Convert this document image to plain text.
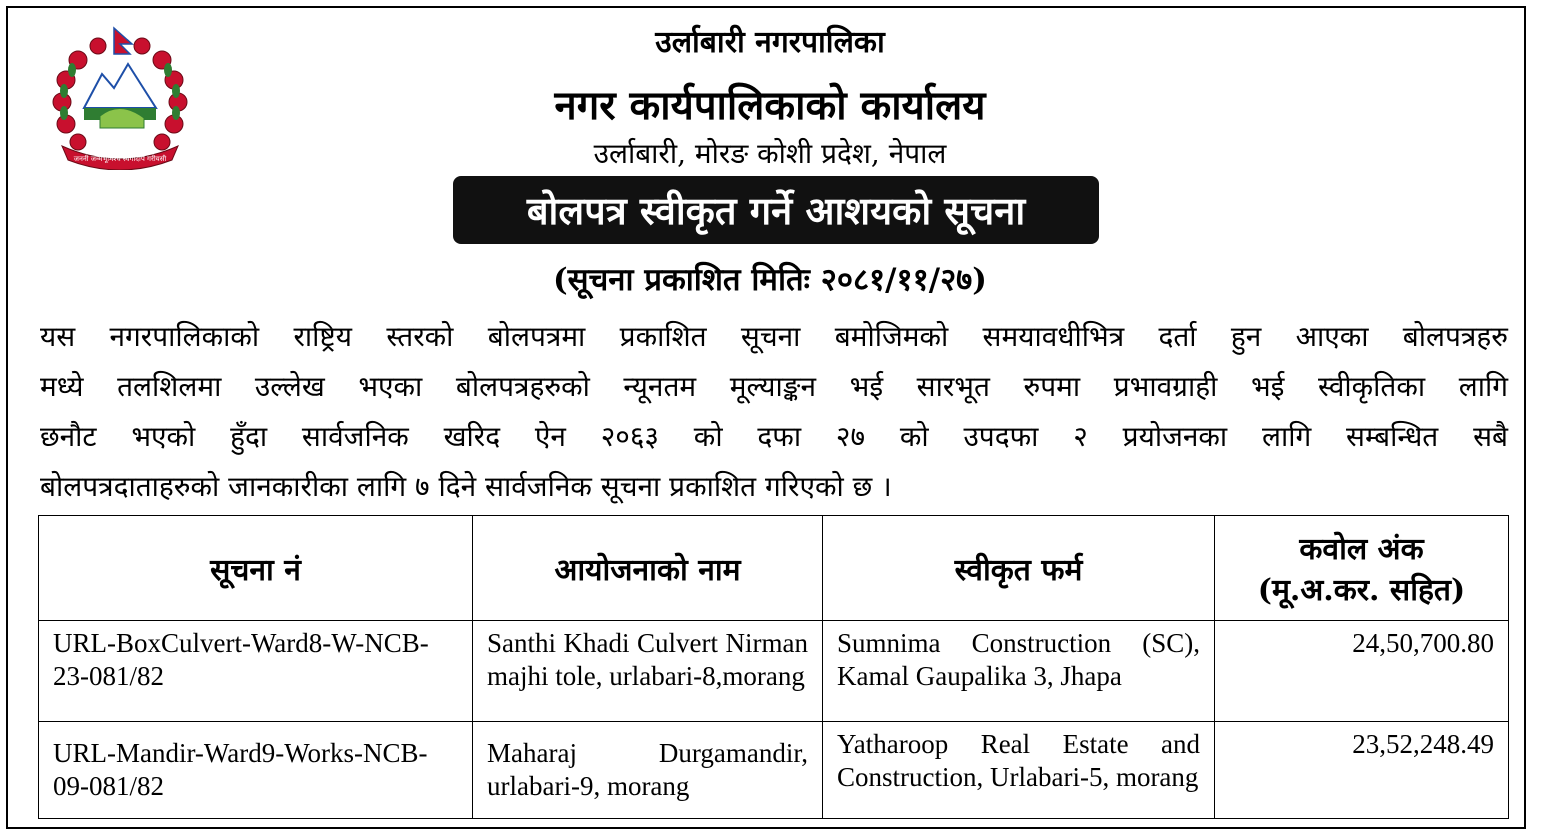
जननी जन्मभूमिश्च स्वर्गादपि गरीयसी
उर्लाबारी नगरपालिका
नगर कार्यपालिकाको कार्यालय
उर्लाबारी, मोरङ कोशी प्रदेश, नेपाल
बोलपत्र स्वीकृत गर्ने आशयको सूचना
(सूचना प्रकाशित मितिः २०८१/११/२७)
यस नगरपालिकाको राष्ट्रिय स्तरको बोलपत्रमा प्रकाशित सूचना बमोजिमको समयावधीभित्र दर्ता हुन आएका बोलपत्रहरु
मध्ये तलशिलमा उल्लेख भएका बोलपत्रहरुको न्यूनतम मूल्याङ्कन भई सारभूत रुपमा प्रभावग्राही भई स्वीकृतिका लागि
छनौट भएको हुँदा सार्वजनिक खरिद ऐन २०६३ को दफा २७ को उपदफा २ प्रयोजनका लागि सम्बन्धित सबै
बोलपत्रदाताहरुको जानकारीका लागि ७ दिने सार्वजनिक सूचना प्रकाशित गरिएको छ ।
सूचना नं	आयोजनाको नाम	स्वीकृत फर्म	कवोल अंक
(मू.अ.कर. सहित)

URL-BoxCulvert-Ward8-W-NCB-23-081/82	Santhi Khadi Culvert Nirman majhi tole, urlabari-8,morang	Sumnima Construction (SC), Kamal Gaupalika 3, Jhapa	24,50,700.80
URL-Mandir-Ward9-Works-NCB-09-081/82	Maharaj Durgamandir, urlabari-9, morang	Yatharoop Real Estate and Construction, Urlabari-5, morang	23,52,248.49
